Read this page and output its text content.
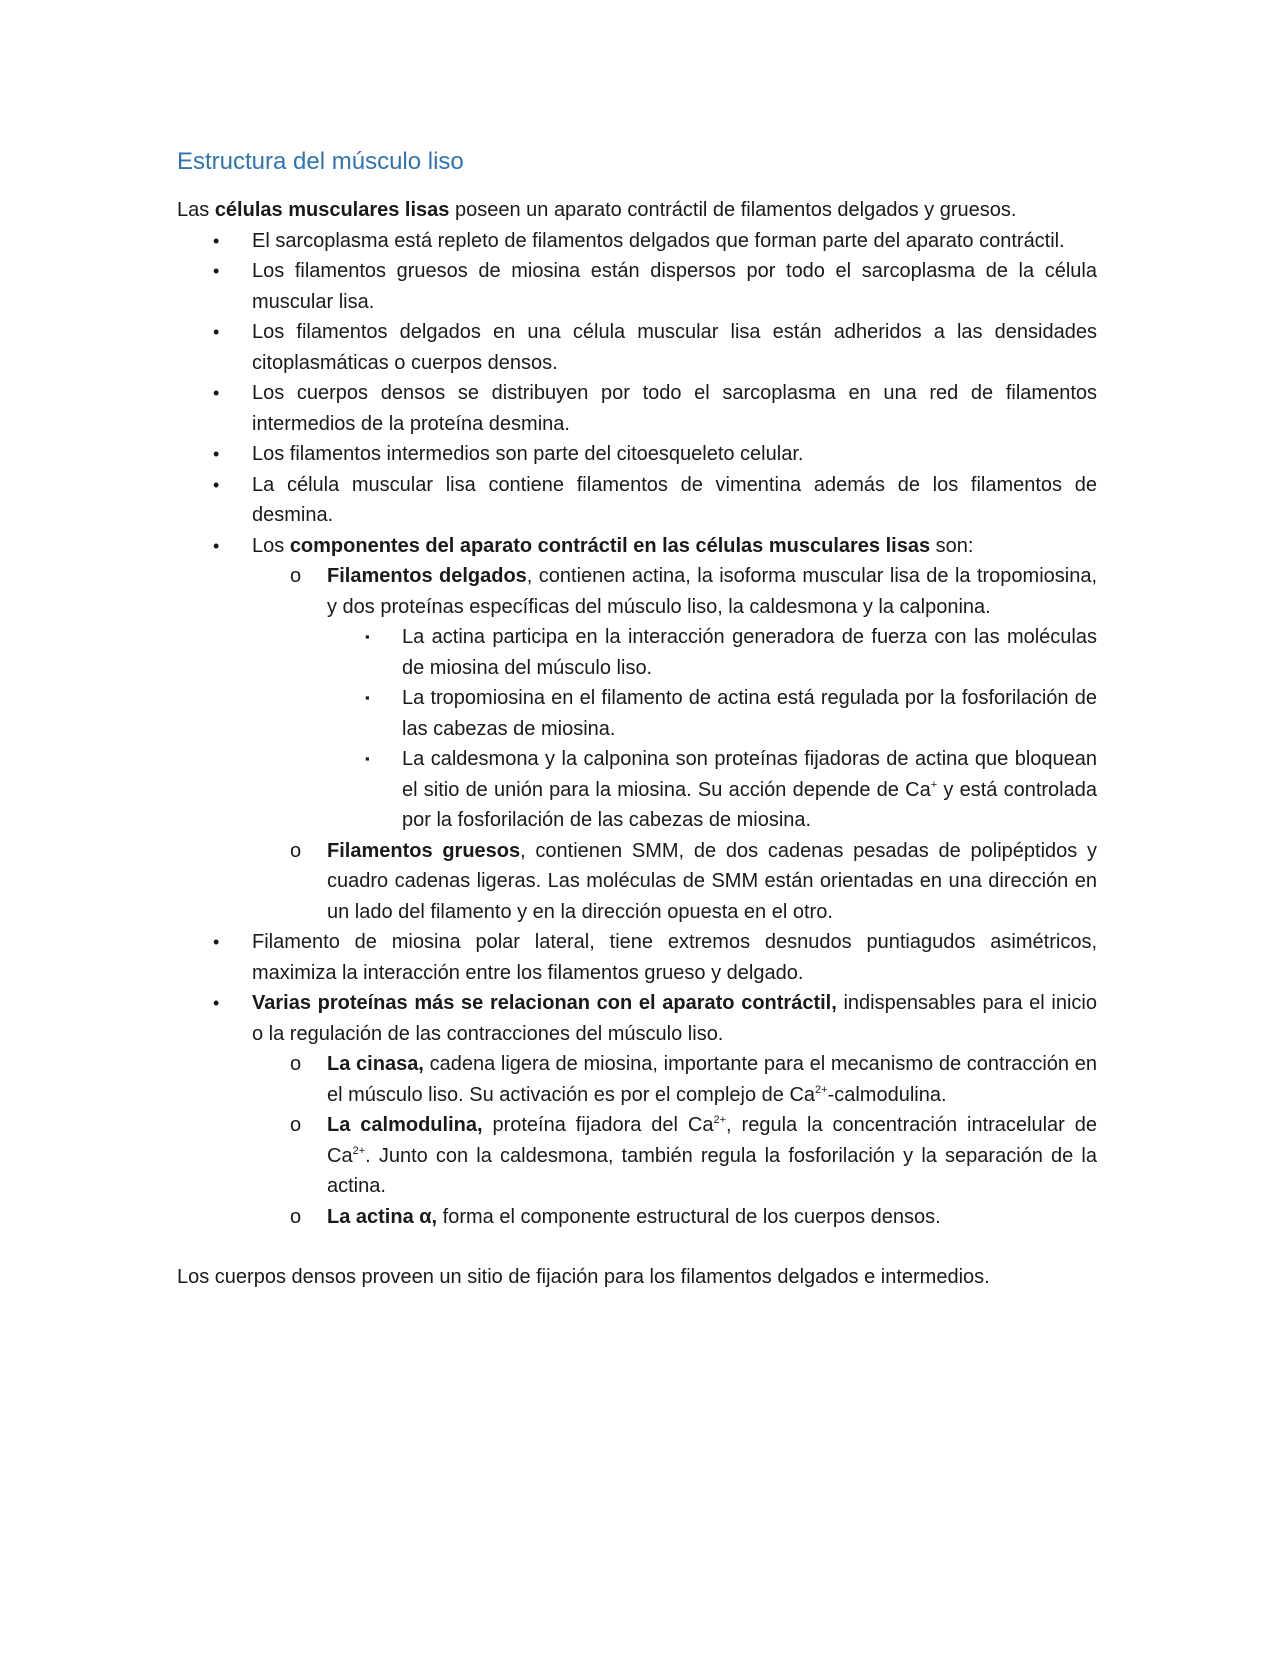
Estructura del músculo liso

Las células musculares lisas poseen un aparato contráctil de filamentos delgados y gruesos.

• El sarcoplasma está repleto de filamentos delgados que forman parte del aparato contráctil.
• Los filamentos gruesos de miosina están dispersos por todo el sarcoplasma de la célula muscular lisa.
• Los filamentos delgados en una célula muscular lisa están adheridos a las densidades citoplasmáticas o cuerpos densos.
• Los cuerpos densos se distribuyen por todo el sarcoplasma en una red de filamentos intermedios de la proteína desmina.
• Los filamentos intermedios son parte del citoesqueleto celular.
• La célula muscular lisa contiene filamentos de vimentina además de los filamentos de desmina.
• Los componentes del aparato contráctil en las células musculares lisas son:
o Filamentos delgados, contienen actina, la isoforma muscular lisa de la tropomiosina, y dos proteínas específicas del músculo liso, la caldesmona y la calponina.
▪ La actina participa en la interacción generadora de fuerza con las moléculas de miosina del músculo liso.
▪ La tropomiosina en el filamento de actina está regulada por la fosforilación de las cabezas de miosina.
▪ La caldesmona y la calponina son proteínas fijadoras de actina que bloquean el sitio de unión para la miosina. Su acción depende de Ca+ y está controlada por la fosforilación de las cabezas de miosina.
o Filamentos gruesos, contienen SMM, de dos cadenas pesadas de polipéptidos y cuadro cadenas ligeras. Las moléculas de SMM están orientadas en una dirección en un lado del filamento y en la dirección opuesta en el otro.
• Filamento de miosina polar lateral, tiene extremos desnudos puntiagudos asimétricos, maximiza la interacción entre los filamentos grueso y delgado.
• Varias proteínas más se relacionan con el aparato contráctil, indispensables para el inicio o la regulación de las contracciones del músculo liso.
o La cinasa, cadena ligera de miosina, importante para el mecanismo de contracción en el músculo liso. Su activación es por el complejo de $Ca^{2+}$-calmodulina.
o La calmodulina, proteína fijadora del $Ca^{2+}$, regula la concentración intracelular de $Ca^{2+}$. Junto con la caldesmona, también regula la fosforilación y la separación de la actina.
o La actina α, forma el componente estructural de los cuerpos densos.

Los cuerpos densos proveen un sitio de fijación para los filamentos delgados e intermedios.
